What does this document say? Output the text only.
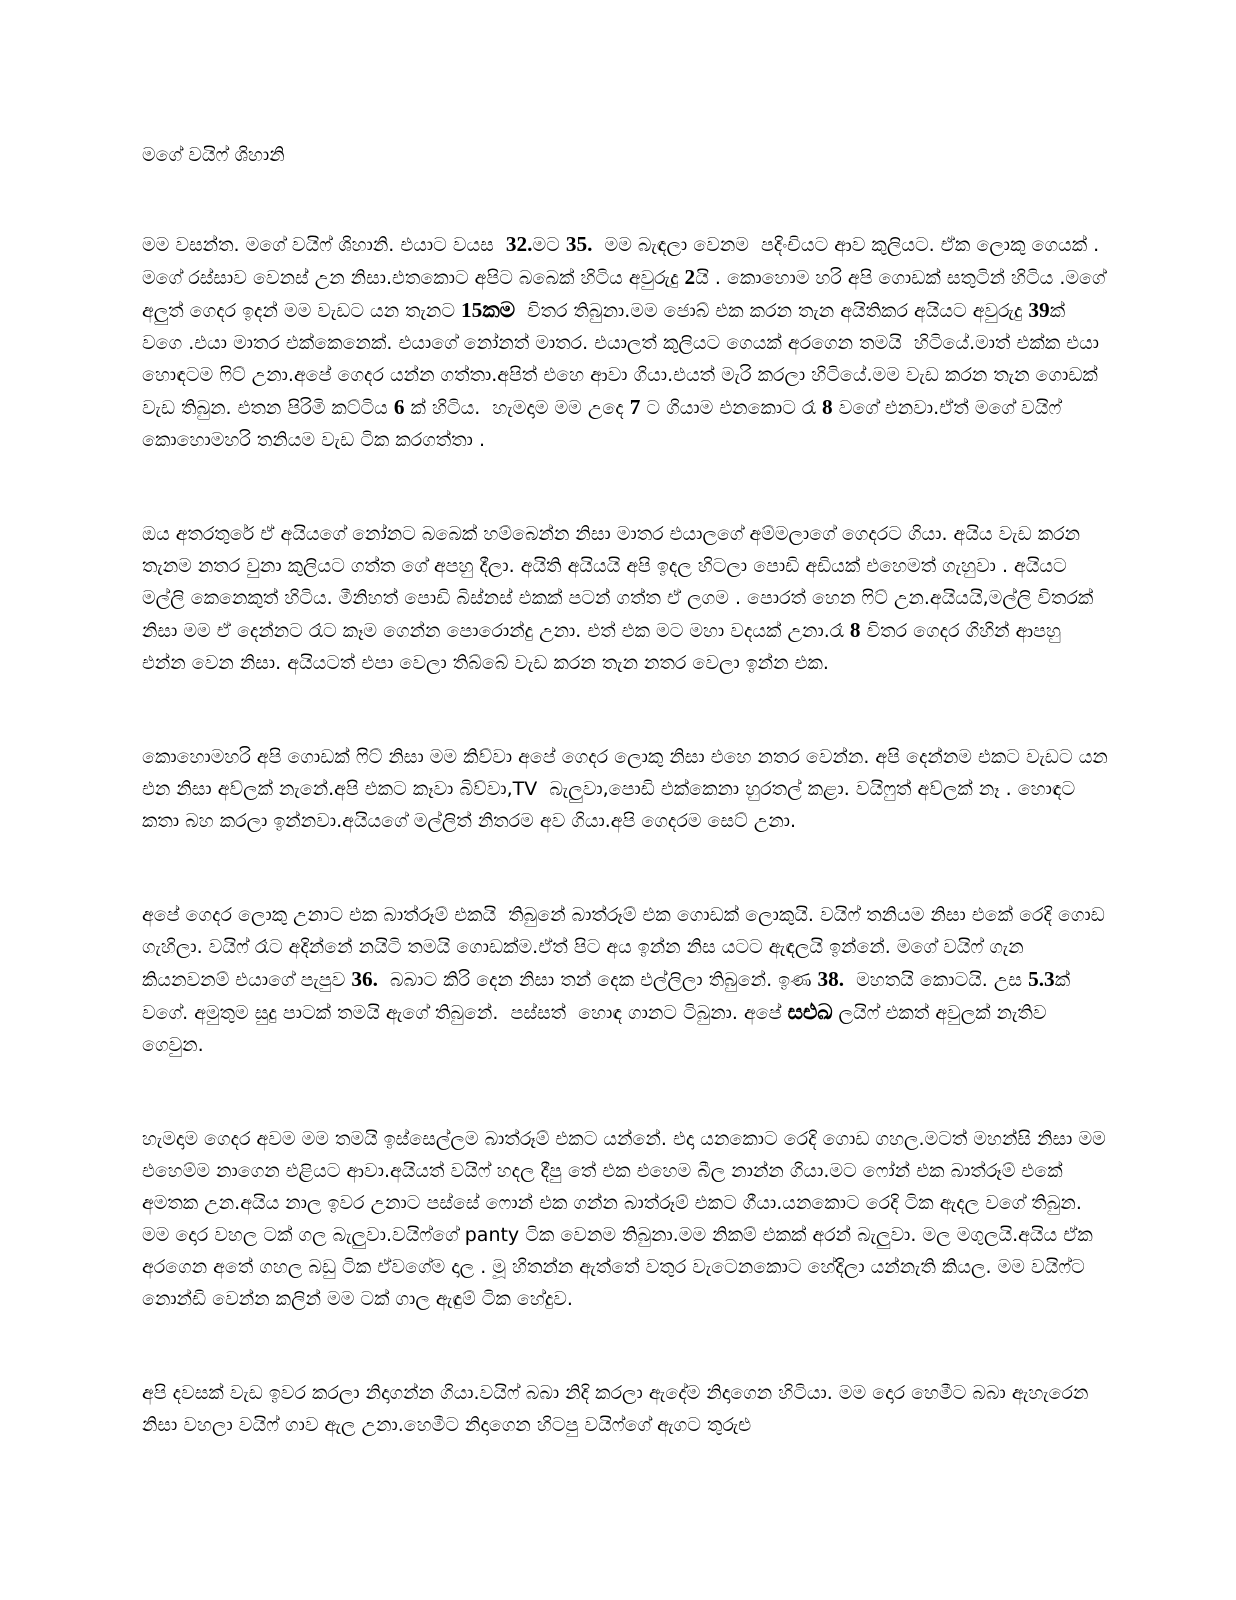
මගේ වයිෆ් ශිහානි

මම වසන්ත. මගේ වයිෆ් ශිහානි. එයාට වයස  32.මට 35.  මම බැඳලා වෙනම  පදිංචියට ආව කුලියට. ඒක ලොකු ගෙයක් . මගේ රස්සාව වෙනස් උන නිසා.එතකොට අපිට බබෙක් හිටිය අවුරුදු 2යි . කොහොම හරි අපි ගොඩක් සතුටින් හිටිය .මගේ අලුත් ගෙදර ඉදන් මම වැඩට යන තැනට 15කම  විතර තිබුනා.මම ජොබ් එක කරන තැන අයිතිකර අයියට අවුරුදු 39ක් වගෙ .එයා මාතර එක්කෙනෙක්. එයාගේ නෝනත් මාතර. එයාලත් කුලියට ගෙයක් අරගෙන තමයි  හිටියේ.මාත් එක්ක එයා හොඳටම ෆිට් උනා.අපේ ගෙදර යන්න ගත්තා.අපිත් එහෙ ආවා ගියා.එයත් මැරි කරලා හිටියේ.මම වැඩ කරන තැන ගොඩක් වැඩ තිබුන. එතන පිරිමි කට්ටිය 6 ක් හිටිය.  හැමදාම මම උදෙ 7 ට ගියාම එනකොට රෑ 8 වගේ එනවා.ඒත් මගේ වයිෆ් කොහොමහරි තනියම වැඩ ටික කරගත්තා .

ඔය අතරතුරේ ඒ අයියගේ නෝනට බබෙක් හම්බෙන්න නිසා මාතර එයාලගේ අම්මලාගේ ගෙදරට ගියා. අයිය වැඩ කරන තැනම නතර වුනා කුලියට ගත්ත ගේ අපහු දීලා. අයිති අයියයි අපි ඉදල හිටලා පොඩි අඩියක් එහෙමත් ගැහුවා . අයියට මල්ලි කෙනෙකුත් හිටිය. මීනිහත් පොඩි බිස්නස් එකක් පටන් ගත්ත ඒ ලගම . පොරත් හෙන ෆිට් උන.අයියයි,මල්ලි විතරක් නිසා මම ඒ දෙන්නට රෑට කෑම ගෙන්න පොරොන්දු උනා. එත් එක මට මහා වදයක් උනා.රෑ 8 විතර ගෙදර ගිහින් ආපහු එන්න වෙන නිසා. අයියටත් එපා වෙලා තිබ්බේ වැඩ කරන තැන නතර වෙලා ඉන්න එක.

කොහොමහරි අපි ගොඩක් ෆිට් නිසා මම කිව්වා අපේ ගෙදර ලොකු නිසා එහෙ නතර වෙන්න. අපි දෙන්නම එකට වැඩට යන එන නිසා අව්ලක් නැනේ.අපි එකට කෑවා බිව්වා,TV  බැලුවා,පොඩි එක්කෙනා හුරතල් කළා. වයිෆුත් අව්ලක් නෑ . හොඳට කතා බහ කරලා ඉන්නවා.අයියගේ මල්ලිත් නිතරම අව ගියා.අපි ගෙදරම සෙට් උනා.

අපේ ගෙදර ලොකු උනාට එක බාත්රූම් එකයි  තිබුනේ බාත්රූම් එක ගොඩක් ලොකුයි. වයිෆ් තනියම නිසා එකේ රෙදි ගොඩ ගැහිලා. වයිෆ් රෑට අදින්නේ නයිටි තමයි ගොඩක්ම.ඒත් පිට අය ඉන්න නිස යටට ඇඳලයි ඉන්නේ. මගේ වයිෆ් ගැන කියනවනම් එයාගේ පැපුව 36.  බබාට කිරි දෙන නිසා තන් දෙක එල්ලිලා තිබුනේ. ඉණ 38.  මහතයි කොටයි. උස 5.3ක් වගේ. අමුතුම සුදු පාටක් තමයි ඇගේ තිබුනේ.  පස්සත්  හොඳ ගානට ටිබුනා. අපේ සඑඛ ලයිෆ් එකත් අවුලක් නැතිව ගෙවුන.

හැමදාම ගෙදර අවම මම තමයි ඉස්සෙල්ලම බාත්රූම් එකට යන්නේ. එදා යනකොට රෙදි ගොඩ ගහල.මටත් මහන්සි නිසා මම එහෙම්ම නාගෙන එළියට ආවා.අයියත් වයිෆ් හදල දීපු තේ එක එහෙම බීල නාන්න ගියා.මට ෆෝන් එක බාත්රූම් එකේ අමතක උන.අයිය නාල ඉවර උනාට පස්සේ ෆොන් එක ගන්න බාත්රූම් එකට ගීයා.යනකොට රෙදි ටික ඇදල වගේ තිබුන. මම දොර වහල ටක් ගල බැලුවා.වයිෆ්ගේ panty ටික වෙනම තිබුනා.මම නිකම් එකක් අරන් බැලුවා. මල මගුලයි.අයිය ඒක අරගෙන අතේ ගහල බඩු ටික ඒවගේම දාල . මූ හිතන්න ඇත්තේ වතුර වැටෙනකොට හේදිලා යන්නැති කියල. මම වයිෆ්ට නොන්ඩි වෙන්න කලින් මම ටක් ගාල ඇඳුම් ටික හේදුව.

අපි දවසක් වැඩ ඉවර කරලා නිදාගන්න ගියා.වයිෆ් බබා නිදි කරලා ඇදේම නිදාගෙන හිටියා. මම දොර හෙමීට බබා ඇහැරෙන නිසා වහලා වයිෆ් ගාව ඇල උනා.හෙමීට නිදාගෙන හිටපු වයිෆ්ගේ ඇගට තුරුළු
